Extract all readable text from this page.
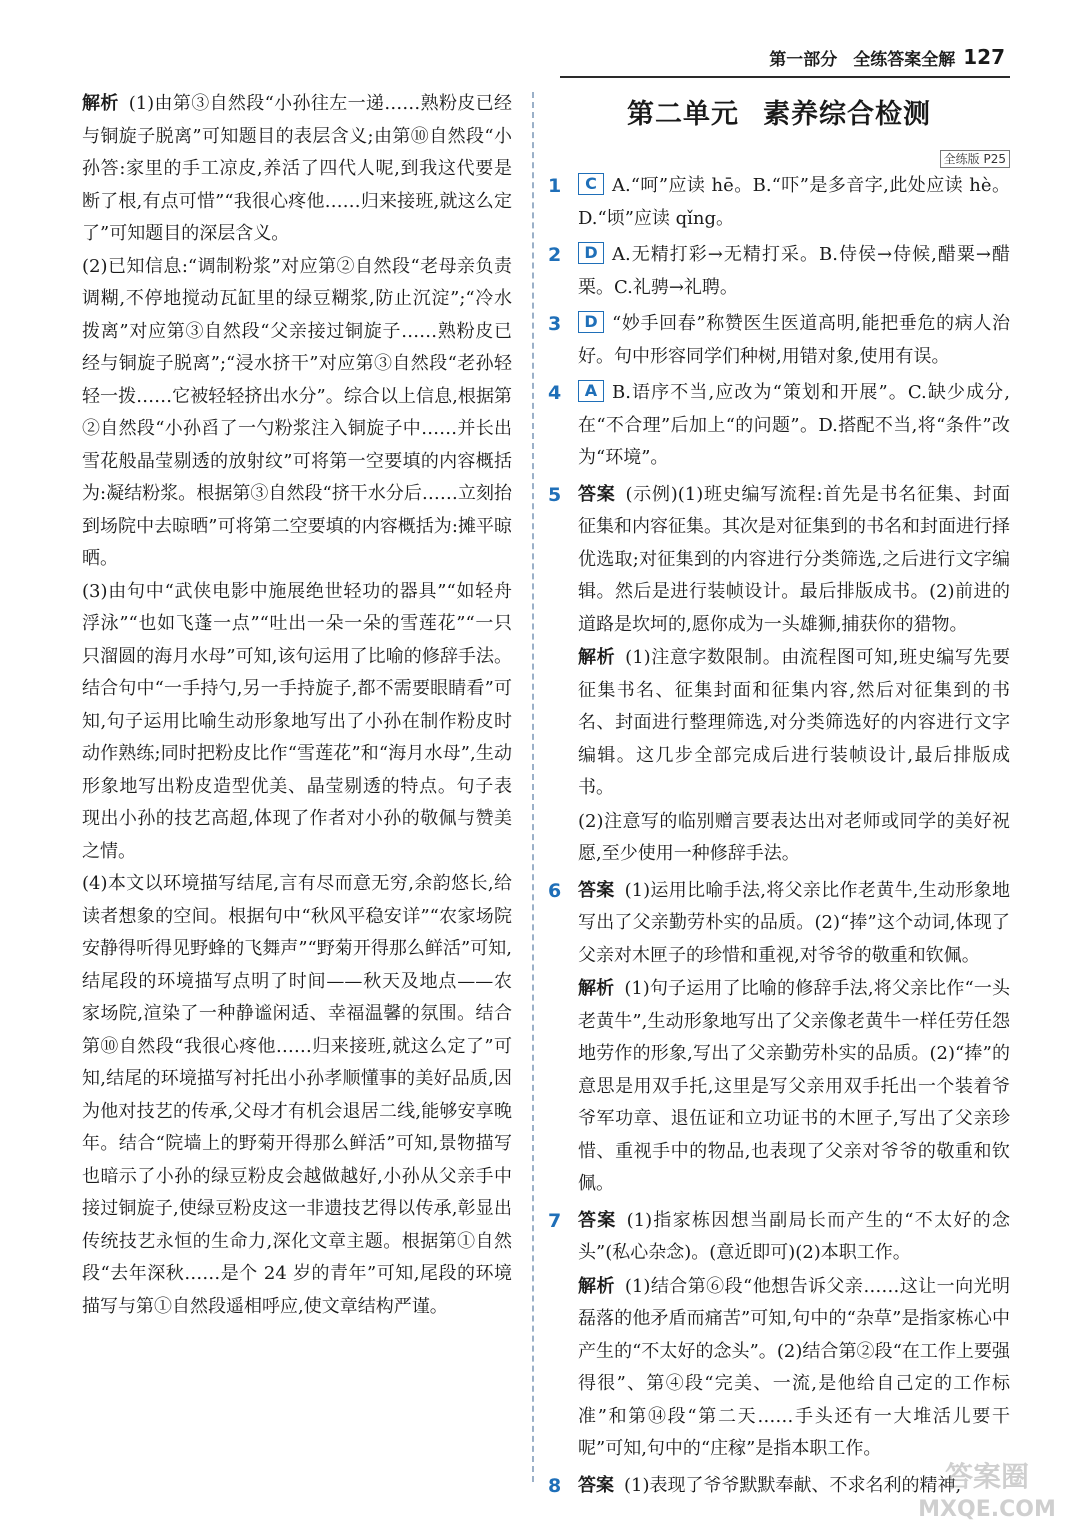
第一部分 全练答案全解 127

解析 (1)由第③自然段“小孙往左一递……熟粉皮已经与铜旋子脱离”可知题目的表层含义;由第⑩自然段“小孙答:家里的手工凉皮,养活了四代人呢,到我这代要是断了根,有点可惜”“我很心疼他……归来接班,就这么定了”可知题目的深层含义。

(2)已知信息:“调制粉浆”对应第②自然段“老母亲负责调糊,不停地搅动瓦缸里的绿豆糊浆,防止沉淀”;“冷水拨离”对应第③自然段“父亲接过铜旋子……熟粉皮已经与铜旋子脱离”;“浸水挤干”对应第③自然段“老孙轻轻一拨……它被轻轻挤出水分”。综合以上信息,根据第②自然段“小孙舀了一勺粉浆注入铜旋子中……并长出雪花般晶莹剔透的放射纹”可将第一空要填的内容概括为:凝结粉浆。根据第③自然段“挤干水分后……立刻抬到场院中去晾晒”可将第二空要填的内容概括为:摊平晾晒。

(3)由句中“武侠电影中施展绝世轻功的器具”“如轻舟浮泳”“也如飞蓬一点”“吐出一朵一朵的雪莲花”“一只只溜圆的海月水母”可知,该句运用了比喻的修辞手法。结合句中“一手持勺,另一手持旋子,都不需要眼睛看”可知,句子运用比喻生动形象地写出了小孙在制作粉皮时动作熟练;同时把粉皮比作“雪莲花”和“海月水母”,生动形象地写出粉皮造型优美、晶莹剔透的特点。句子表现出小孙的技艺高超,体现了作者对小孙的敬佩与赞美之情。

(4)本文以环境描写结尾,言有尽而意无穷,余韵悠长,给读者想象的空间。根据句中“秋风平稳安详”“农家场院安静得听得见野蜂的飞舞声”“野菊开得那么鲜活”可知,结尾段的环境描写点明了时间——秋天及地点——农家场院,渲染了一种静谧闲适、幸福温馨的氛围。结合第⑩自然段“我很心疼他……归来接班,就这么定了”可知,结尾的环境描写衬托出小孙孝顺懂事的美好品质,因为他对技艺的传承,父母才有机会退居二线,能够安享晚年。结合“院墙上的野菊开得那么鲜活”可知,景物描写也暗示了小孙的绿豆粉皮会越做越好,小孙从父亲手中接过铜旋子,使绿豆粉皮这一非遗技艺得以传承,彰显出传统技艺永恒的生命力,深化文章主题。根据第①自然段“去年深秋……是个 24 岁的青年”可知,尾段的环境描写与第①自然段遥相呼应,使文章结构严谨。

第二单元 素养综合检测
全练版 P25
1 C A.“呵”应读 hē。B.“吓”是多音字,此处应读 hè。D.“顷”应读 qǐng。
2 D A.无精打彩→无精打采。B.侍侯→侍候,醋粟→醋栗。C.礼骋→礼聘。
3 D “妙手回春”称赞医生医道高明,能把垂危的病人治好。句中形容同学们种树,用错对象,使用有误。
4 A B.语序不当,应改为“策划和开展”。C.缺少成分,在“不合理”后加上“的问题”。D.搭配不当,将“条件”改为“环境”。
5 答案 (示例)(1)班史编写流程:首先是书名征集、封面征集和内容征集。其次是对征集到的书名和封面进行择优选取;对征集到的内容进行分类筛选,之后进行文字编辑。然后是进行装帧设计。最后排版成书。(2)前进的道路是坎坷的,愿你成为一头雄狮,捕获你的猎物。
解析 (1)注意字数限制。由流程图可知,班史编写先要征集书名、征集封面和征集内容,然后对征集到的书名、封面进行整理筛选,对分类筛选好的内容进行文字编辑。这几步全部完成后进行装帧设计,最后排版成书。
(2)注意写的临别赠言要表达出对老师或同学的美好祝愿,至少使用一种修辞手法。
6 答案 (1)运用比喻手法,将父亲比作老黄牛,生动形象地写出了父亲勤劳朴实的品质。(2)“捧”这个动词,体现了父亲对木匣子的珍惜和重视,对爷爷的敬重和钦佩。
解析 (1)句子运用了比喻的修辞手法,将父亲比作“一头老黄牛”,生动形象地写出了父亲像老黄牛一样任劳任怨地劳作的形象,写出了父亲勤劳朴实的品质。(2)“捧”的意思是用双手托,这里是写父亲用双手托出一个装着爷爷军功章、退伍证和立功证书的木匣子,写出了父亲珍惜、重视手中的物品,也表现了父亲对爷爷的敬重和钦佩。
7 答案 (1)指家栋因想当副局长而产生的“不太好的念头”(私心杂念)。(意近即可)(2)本职工作。
解析 (1)结合第⑥段“他想告诉父亲……这让一向光明磊落的他矛盾而痛苦”可知,句中的“杂草”是指家栋心中产生的“不太好的念头”。(2)结合第②段“在工作上要强得很”、第④段“完美、一流,是他给自己定的工作标准”和第⑭段“第二天……手头还有一大堆活儿要干呢”可知,句中的“庄稼”是指本职工作。
8 答案 (1)表现了爷爷默默奉献、不求名利的精神,
答案圈
MXQE.COM
